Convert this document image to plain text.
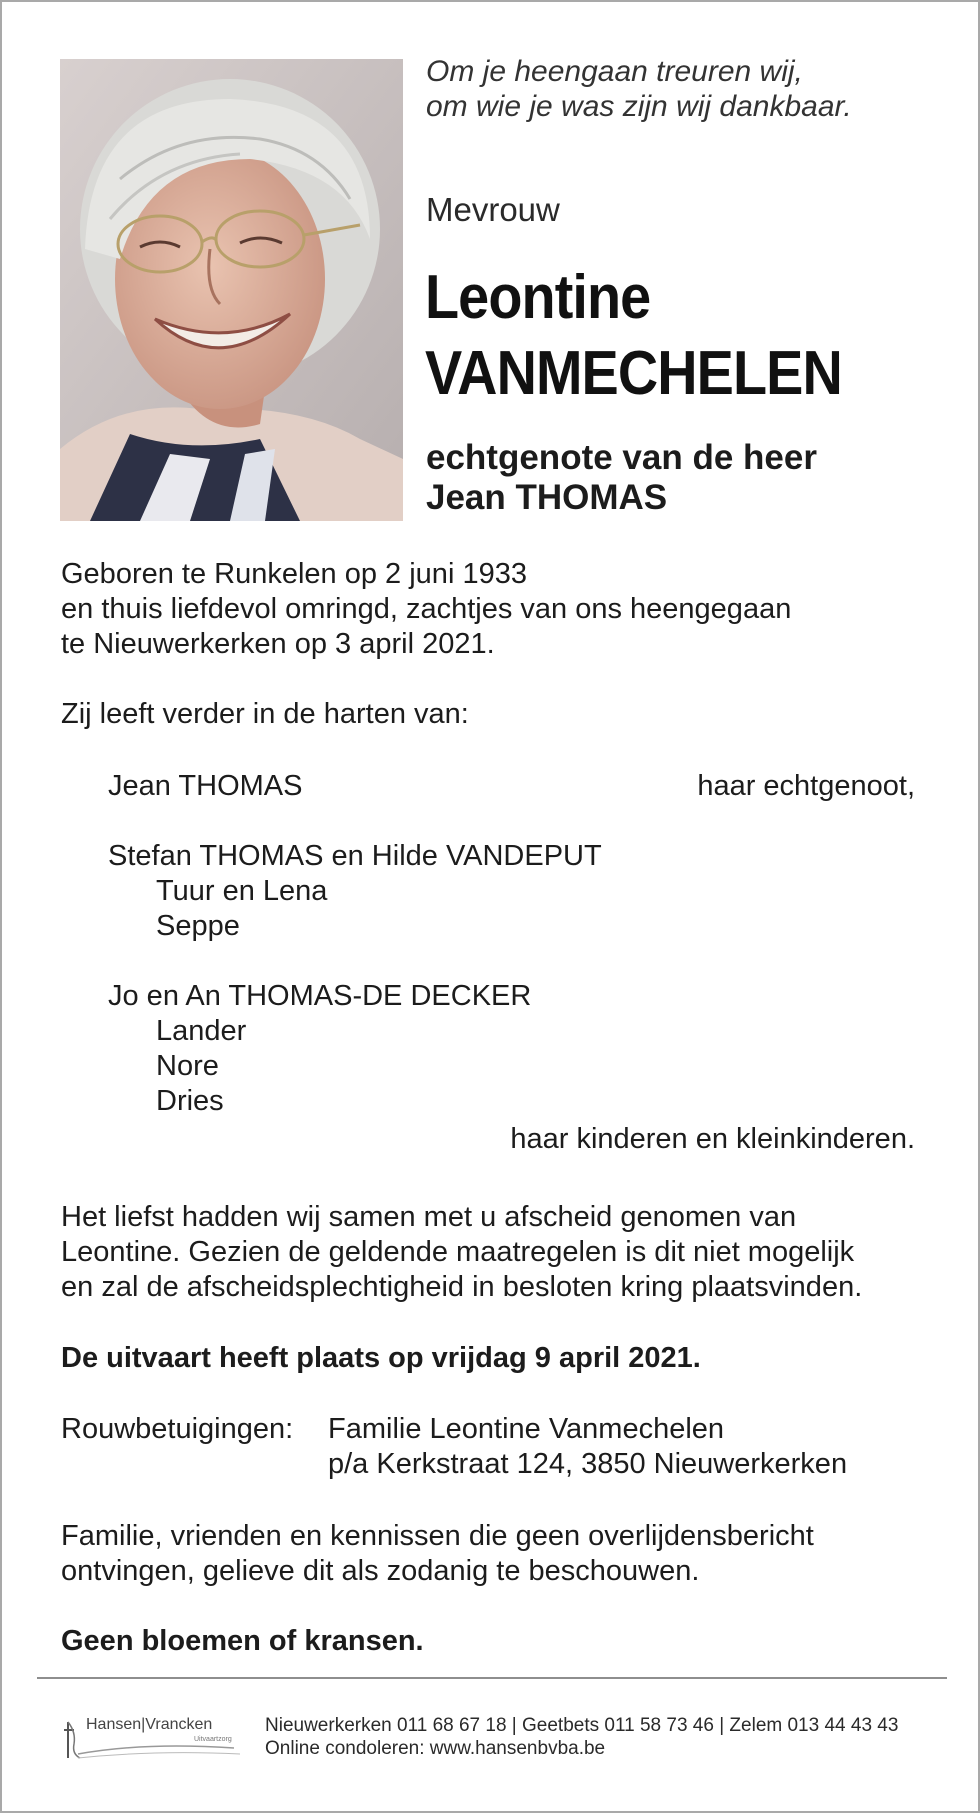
Om je heengaan treuren wij,
om wie je was zijn wij dankbaar.
Mevrouw
Leontine
VANMECHELEN
echtgenote van de heer
Jean THOMAS
Geboren te Runkelen op 2 juni 1933
en thuis liefdevol omringd, zachtjes van ons heengegaan
te Nieuwerkerken op 3 april 2021.
Zij leeft verder in de harten van:
Jean THOMAS	haar echtgenoot,
Stefan THOMAS en Hilde VANDEPUT
Tuur en Lena
Seppe
Jo en An THOMAS-DE DECKER
Lander
Nore
Dries
haar kinderen en kleinkinderen.
Het liefst hadden wij samen met u afscheid genomen van
Leontine. Gezien de geldende maatregelen is dit niet mogelijk
en zal de afscheidsplechtigheid in besloten kring plaatsvinden.
De uitvaart heeft plaats op vrijdag 9 april 2021.
Rouwbetuigingen: Familie Leontine Vanmechelen
p/a Kerkstraat 124, 3850 Nieuwerkerken
Familie, vrienden en kennissen die geen overlijdensbericht
ontvingen, gelieve dit als zodanig te beschouwen.
Geen bloemen of kransen.
Hansen|Vrancken
Uitvaartzorg
Nieuwerkerken 011 68 67 18 | Geetbets 011 58 73 46 | Zelem 013 44 43 43
Online condoleren: www.hansenbvba.be
